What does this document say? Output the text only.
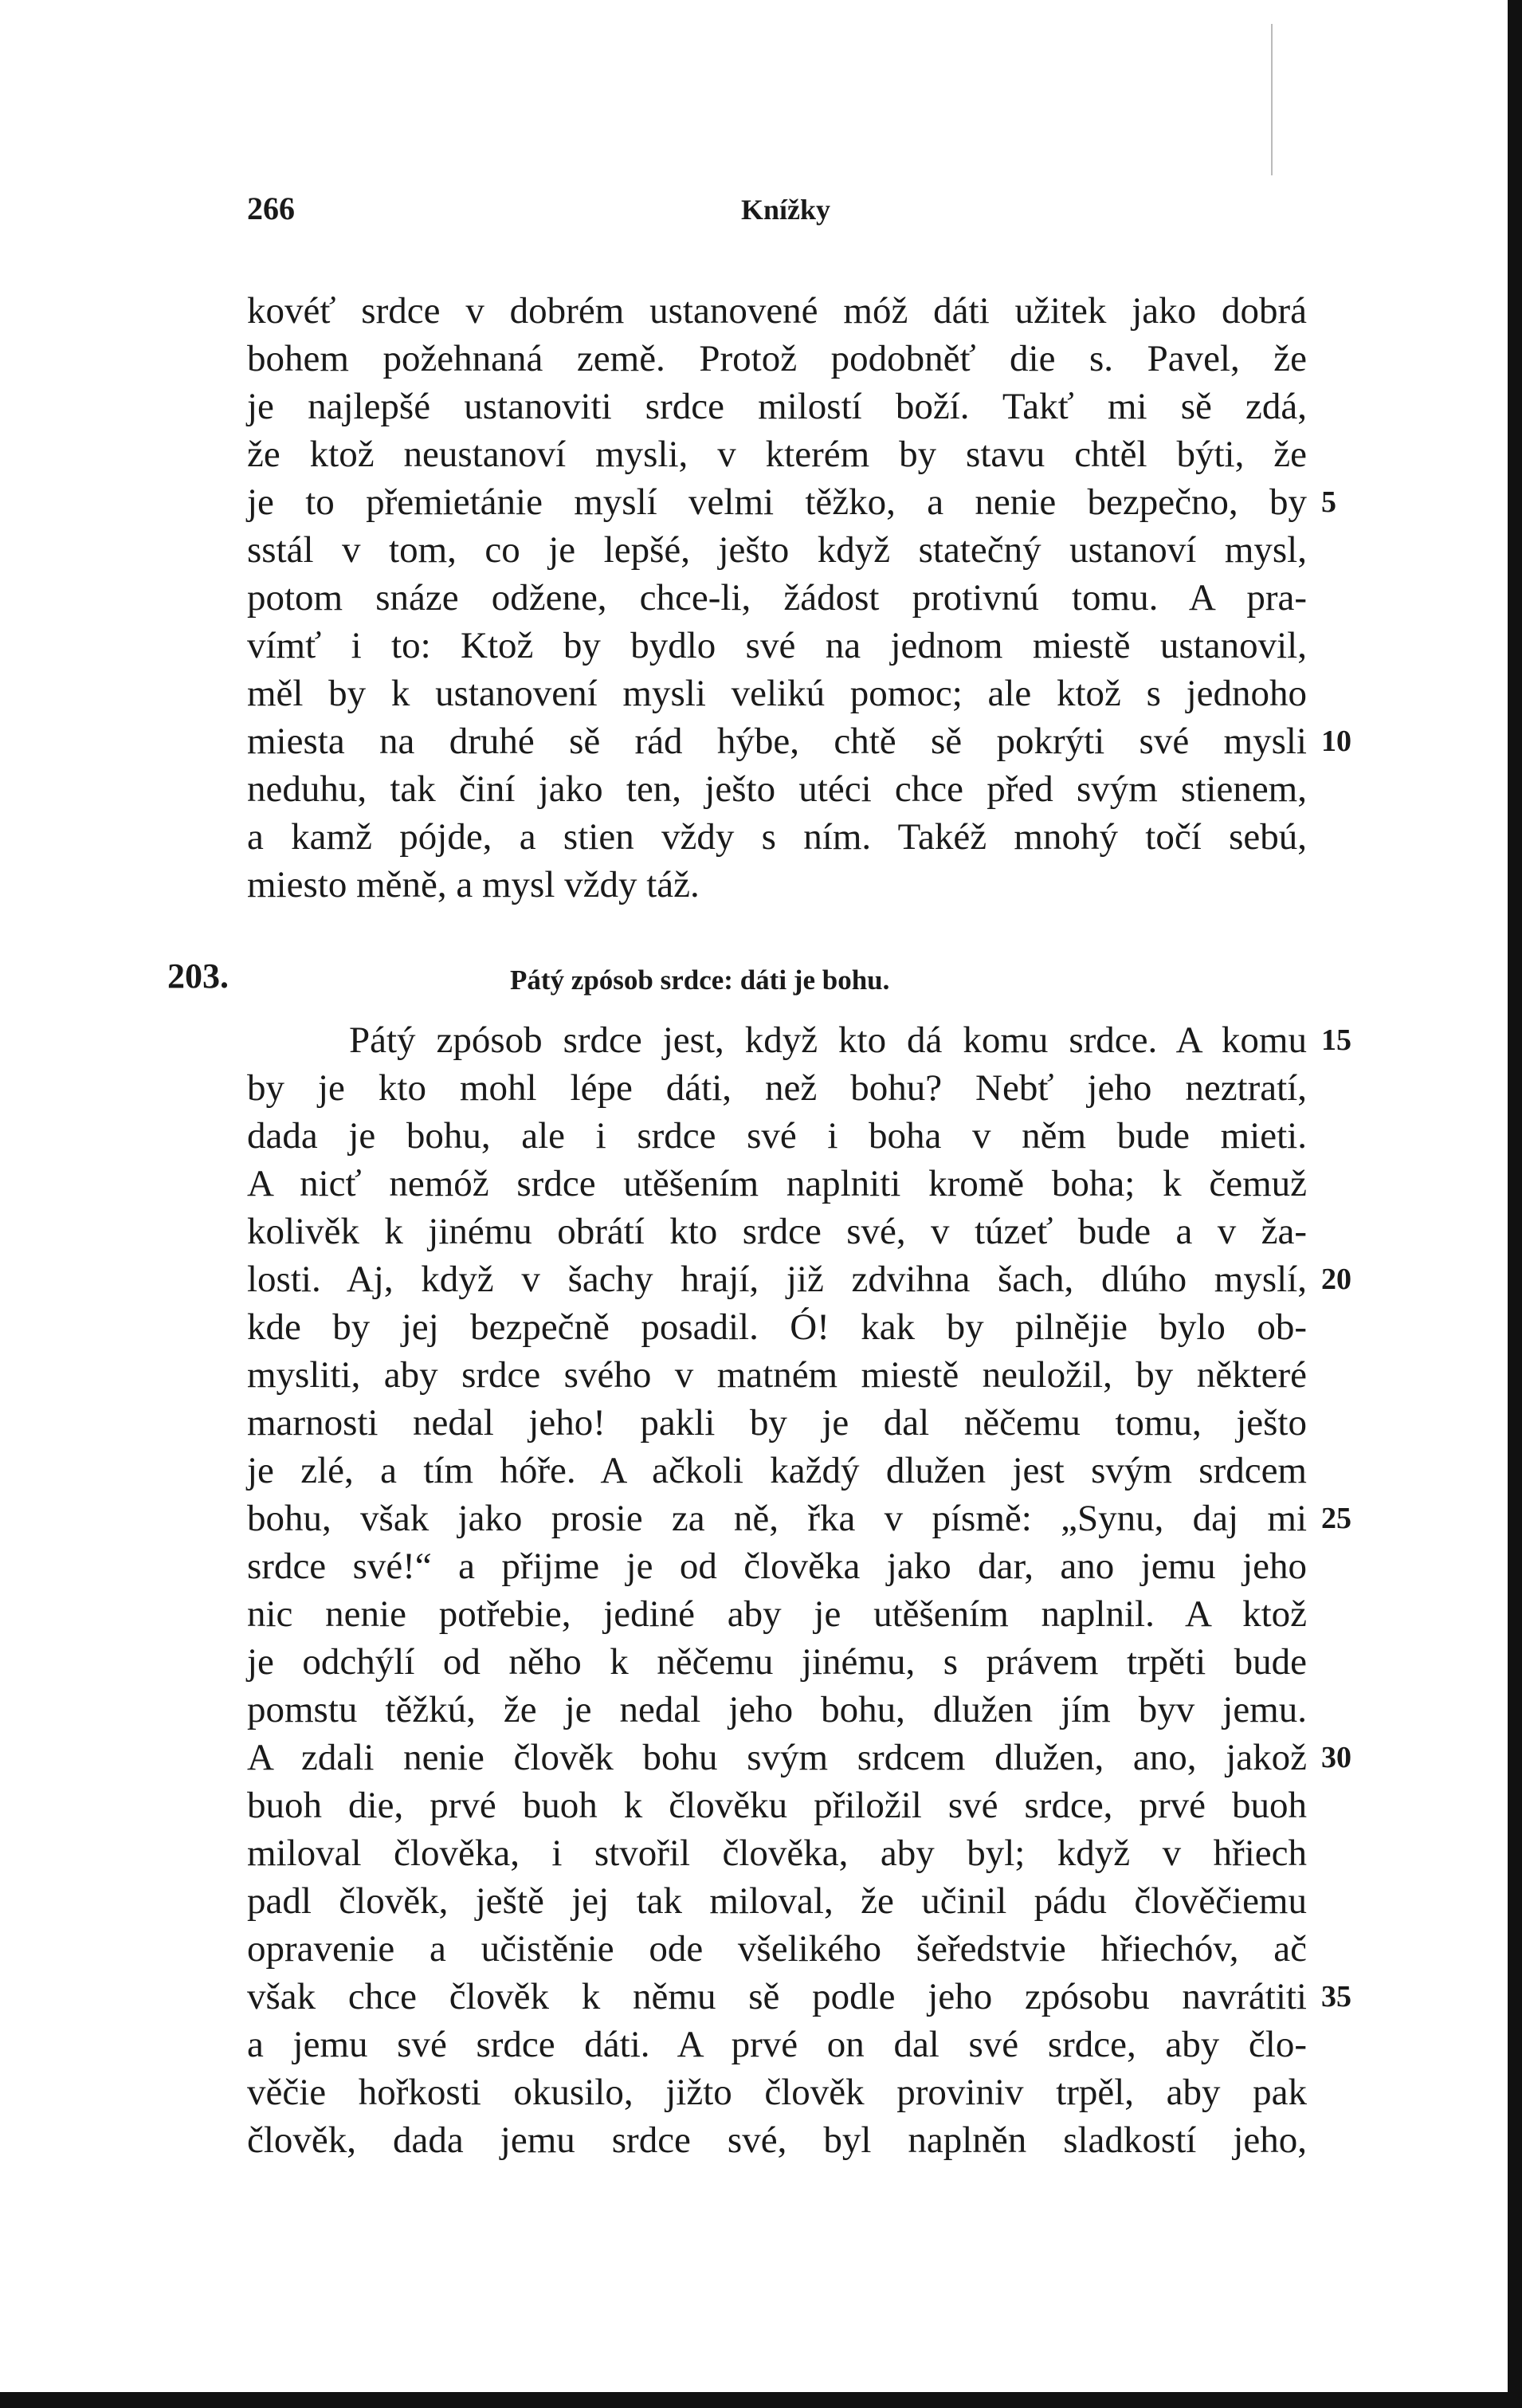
266	Knížky
kovéť srdce v dobrém ustanovené móž dáti užitek jako dobrá
bohem požehnaná země. Protož podobněť die s. Pavel, že
je najlepšé ustanoviti srdce milostí boží. Takť mi sě zdá,
že ktož neustanoví mysli, v kterém by stavu chtěl býti, že
je to přemietánie myslí velmi těžko, a nenie bezpečno, by
sstál v tom, co je lepšé, ješto když statečný ustanoví mysl,
potom snáze odžene, chce-li, žádost protivnú tomu. A pra-
vímť i to: Ktož by bydlo své na jednom miestě ustanovil,
měl by k ustanovení mysli velikú pomoc; ale ktož s jednoho
miesta na druhé sě rád hýbe, chtě sě pokrýti své mysli
neduhu, tak činí jako ten, ješto utéci chce před svým stienem,
a kamž pójde, a stien vždy s ním. Takéž mnohý točí sebú,
miesto měně, a mysl vždy táž.
203.	Pátý zpósob srdce: dáti je bohu.
Pátý zpósob srdce jest, když kto dá komu srdce. A komu
by je kto mohl lépe dáti, než bohu? Nebť jeho neztratí,
dada je bohu, ale i srdce své i boha v něm bude mieti.
A nicť nemóž srdce utěšením naplniti kromě boha; k čemuž
kolivěk k jinému obrátí kto srdce své, v túzeť bude a v ža-
losti. Aj, když v šachy hrají, již zdvihna šach, dlúho myslí,
kde by jej bezpečně posadil. Ó! kak by pilnějie bylo ob-
mysliti, aby srdce svého v matném miestě neuložil, by některé
marnosti nedal jeho! pakli by je dal něčemu tomu, ješto
je zlé, a tím hóře. A ačkoli každý dlužen jest svým srdcem
bohu, však jako prosie za ně, řka v písmě: „Synu, daj mi
srdce své!“ a přijme je od člověka jako dar, ano jemu jeho
nic nenie potřebie, jediné aby je utěšením naplnil. A ktož
je odchýlí od něho k něčemu jinému, s právem trpěti bude
pomstu těžkú, že je nedal jeho bohu, dlužen jím byv jemu.
A zdali nenie člověk bohu svým srdcem dlužen, ano, jakož
buoh die, prvé buoh k člověku přiložil své srdce, prvé buoh
miloval člověka, i stvořil člověka, aby byl; když v hřiech
padl člověk, ještě jej tak miloval, že učinil pádu člověčiemu
opravenie a učistěnie ode všelikého šeředstvie hřiechóv, ač
však chce člověk k němu sě podle jeho zpósobu navrátiti
a jemu své srdce dáti. A prvé on dal své srdce, aby člo-
věčie hořkosti okusilo, jižto člověk proviniv trpěl, aby pak
člověk, dada jemu srdce své, byl naplněn sladkostí jeho,
5
10
15
20
25
30
35
